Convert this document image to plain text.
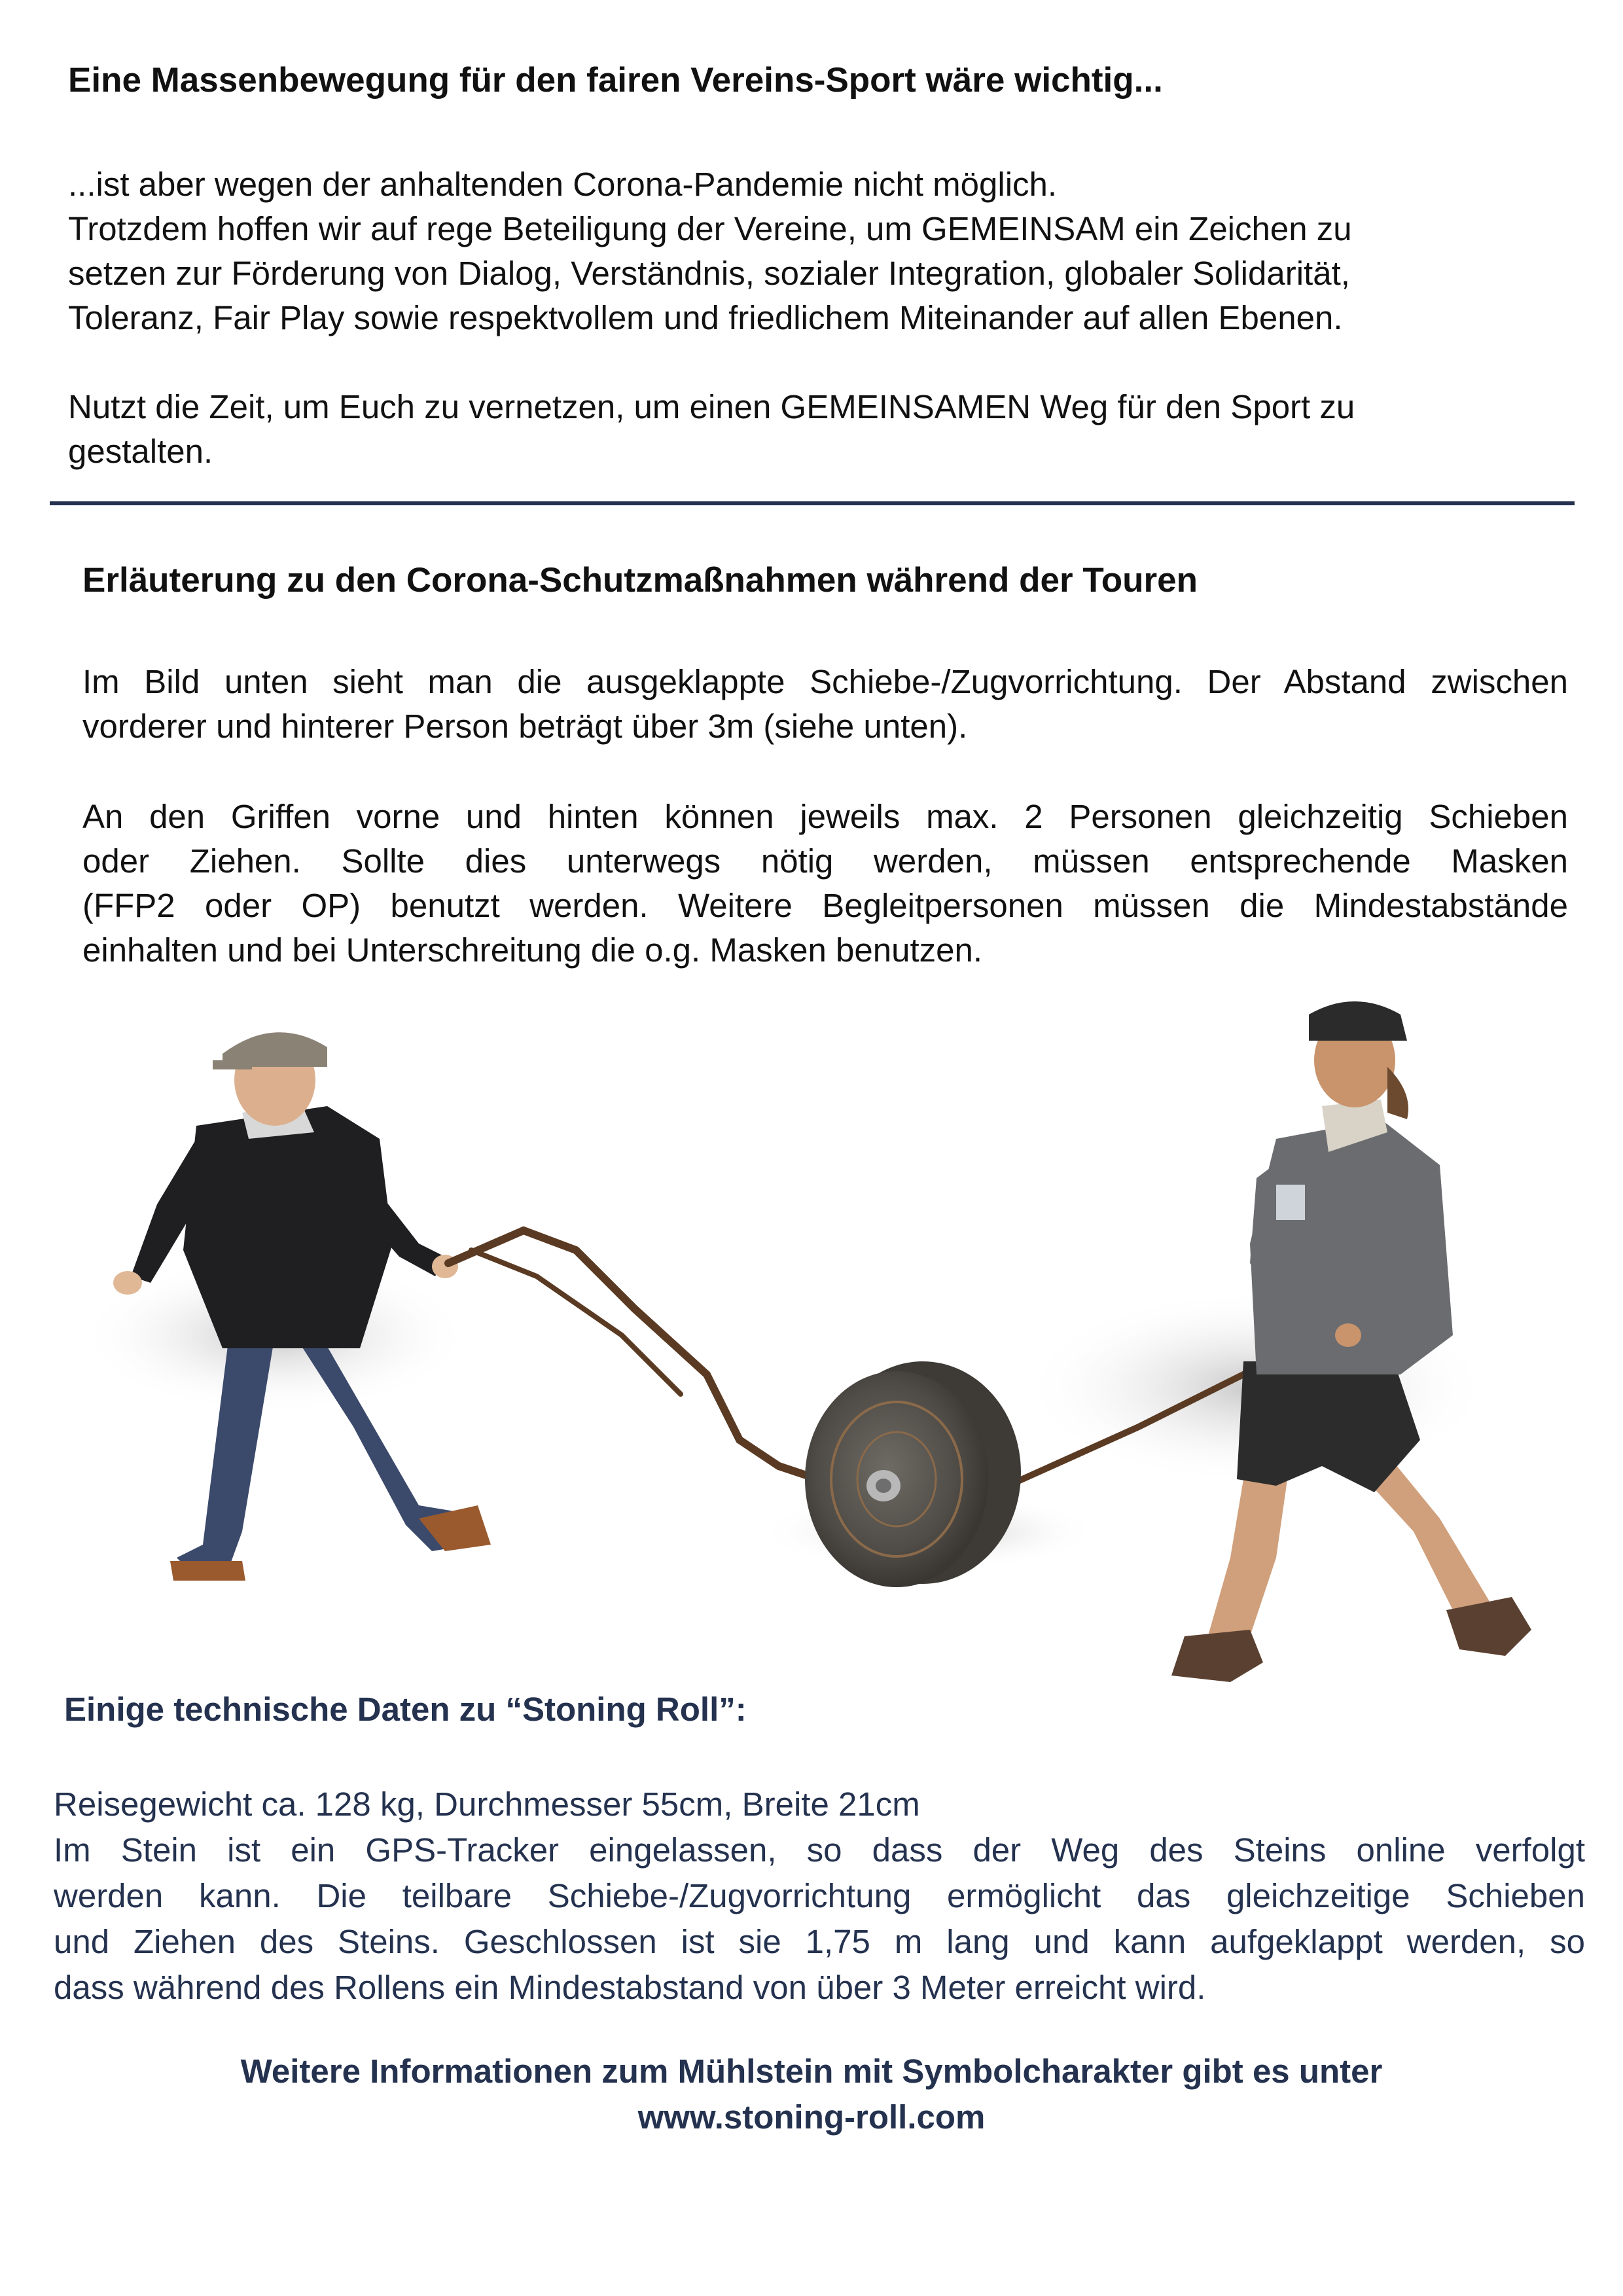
Eine Massenbewegung für den fairen Vereins-Sport wäre wichtig...
...ist aber wegen der anhaltenden Corona-Pandemie nicht möglich.
Trotzdem hoffen wir auf rege Beteiligung der Vereine, um GEMEINSAM ein Zeichen zu
setzen zur Förderung von Dialog, Verständnis, sozialer Integration, globaler Solidarität,
Toleranz, Fair Play sowie respektvollem und friedlichem Miteinander auf allen Ebenen.
Nutzt die Zeit, um Euch zu vernetzen, um einen GEMEINSAMEN Weg für den Sport zu
gestalten.
Erläuterung zu den Corona-Schutzmaßnahmen während der Touren
Im Bild unten sieht man die ausgeklappte Schiebe-/Zugvorrichtung. Der Abstand zwischen
vorderer und hinterer Person beträgt über 3m (siehe unten).
An den Griffen vorne und hinten können jeweils max. 2 Personen gleichzeitig Schieben
oder Ziehen. Sollte dies unterwegs nötig werden, müssen entsprechende Masken
(FFP2 oder OP) benutzt werden. Weitere Begleitpersonen müssen die Mindestabstände
einhalten und bei Unterschreitung die o.g. Masken benutzen.
Einige technische Daten zu “Stoning Roll”:
Reisegewicht ca. 128 kg, Durchmesser 55cm, Breite 21cm
Im Stein ist ein GPS-Tracker eingelassen, so dass der Weg des Steins online verfolgt
werden kann. Die teilbare Schiebe-/Zugvorrichtung ermöglicht das gleichzeitige Schieben
und Ziehen des Steins. Geschlossen ist sie 1,75 m lang und kann aufgeklappt werden, so
dass während des Rollens ein Mindestabstand von über 3 Meter erreicht wird.
Weitere Informationen zum Mühlstein mit Symbolcharakter gibt es unter
www.stoning-roll.com
